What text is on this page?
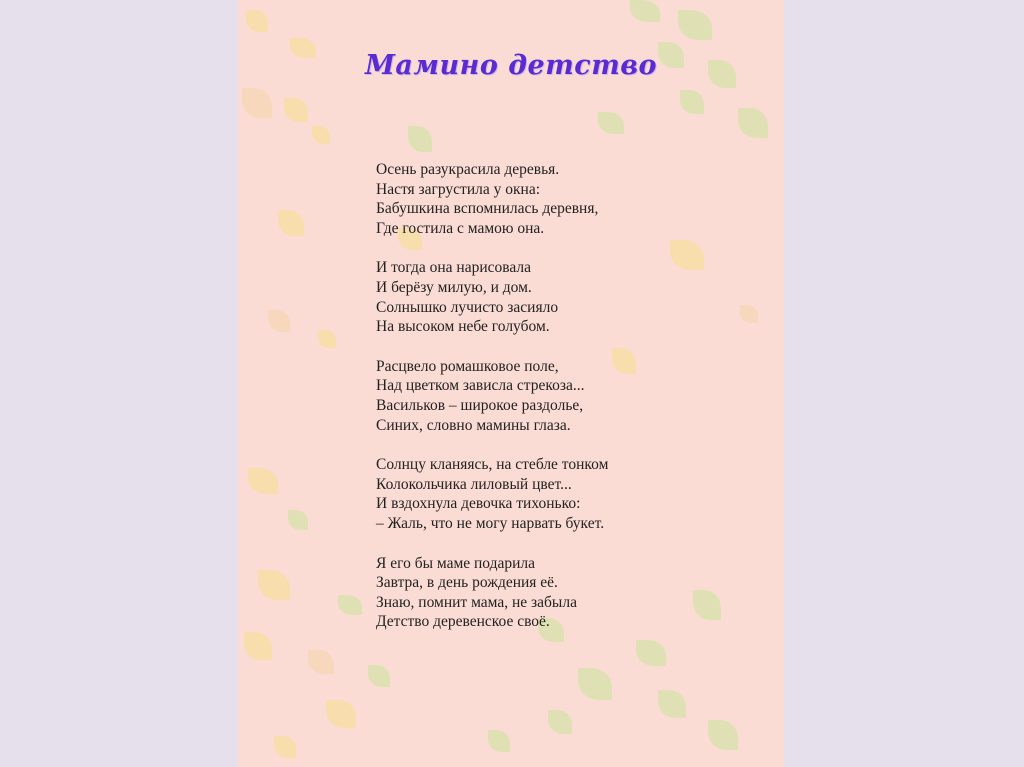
Мамино детство
Осень разукрасила деревья.
Настя загрустила у окна:
Бабушкина вспомнилась деревня,
Где гостила с мамою она.
И тогда она нарисовала
И берёзу милую, и дом.
Солнышко лучисто засияло
На высоком небе голубом.
Расцвело ромашковое поле,
Над цветком зависла стрекоза...
Васильков – широкое раздолье,
Синих, словно мамины глаза.
Солнцу кланяясь, на стебле тонком
Колокольчика лиловый цвет...
И вздохнула девочка тихонько:
– Жаль, что не могу нарвать букет.
Я его бы маме подарила
Завтра, в день рождения её.
Знаю, помнит мама, не забыла
Детство деревенское своё.
